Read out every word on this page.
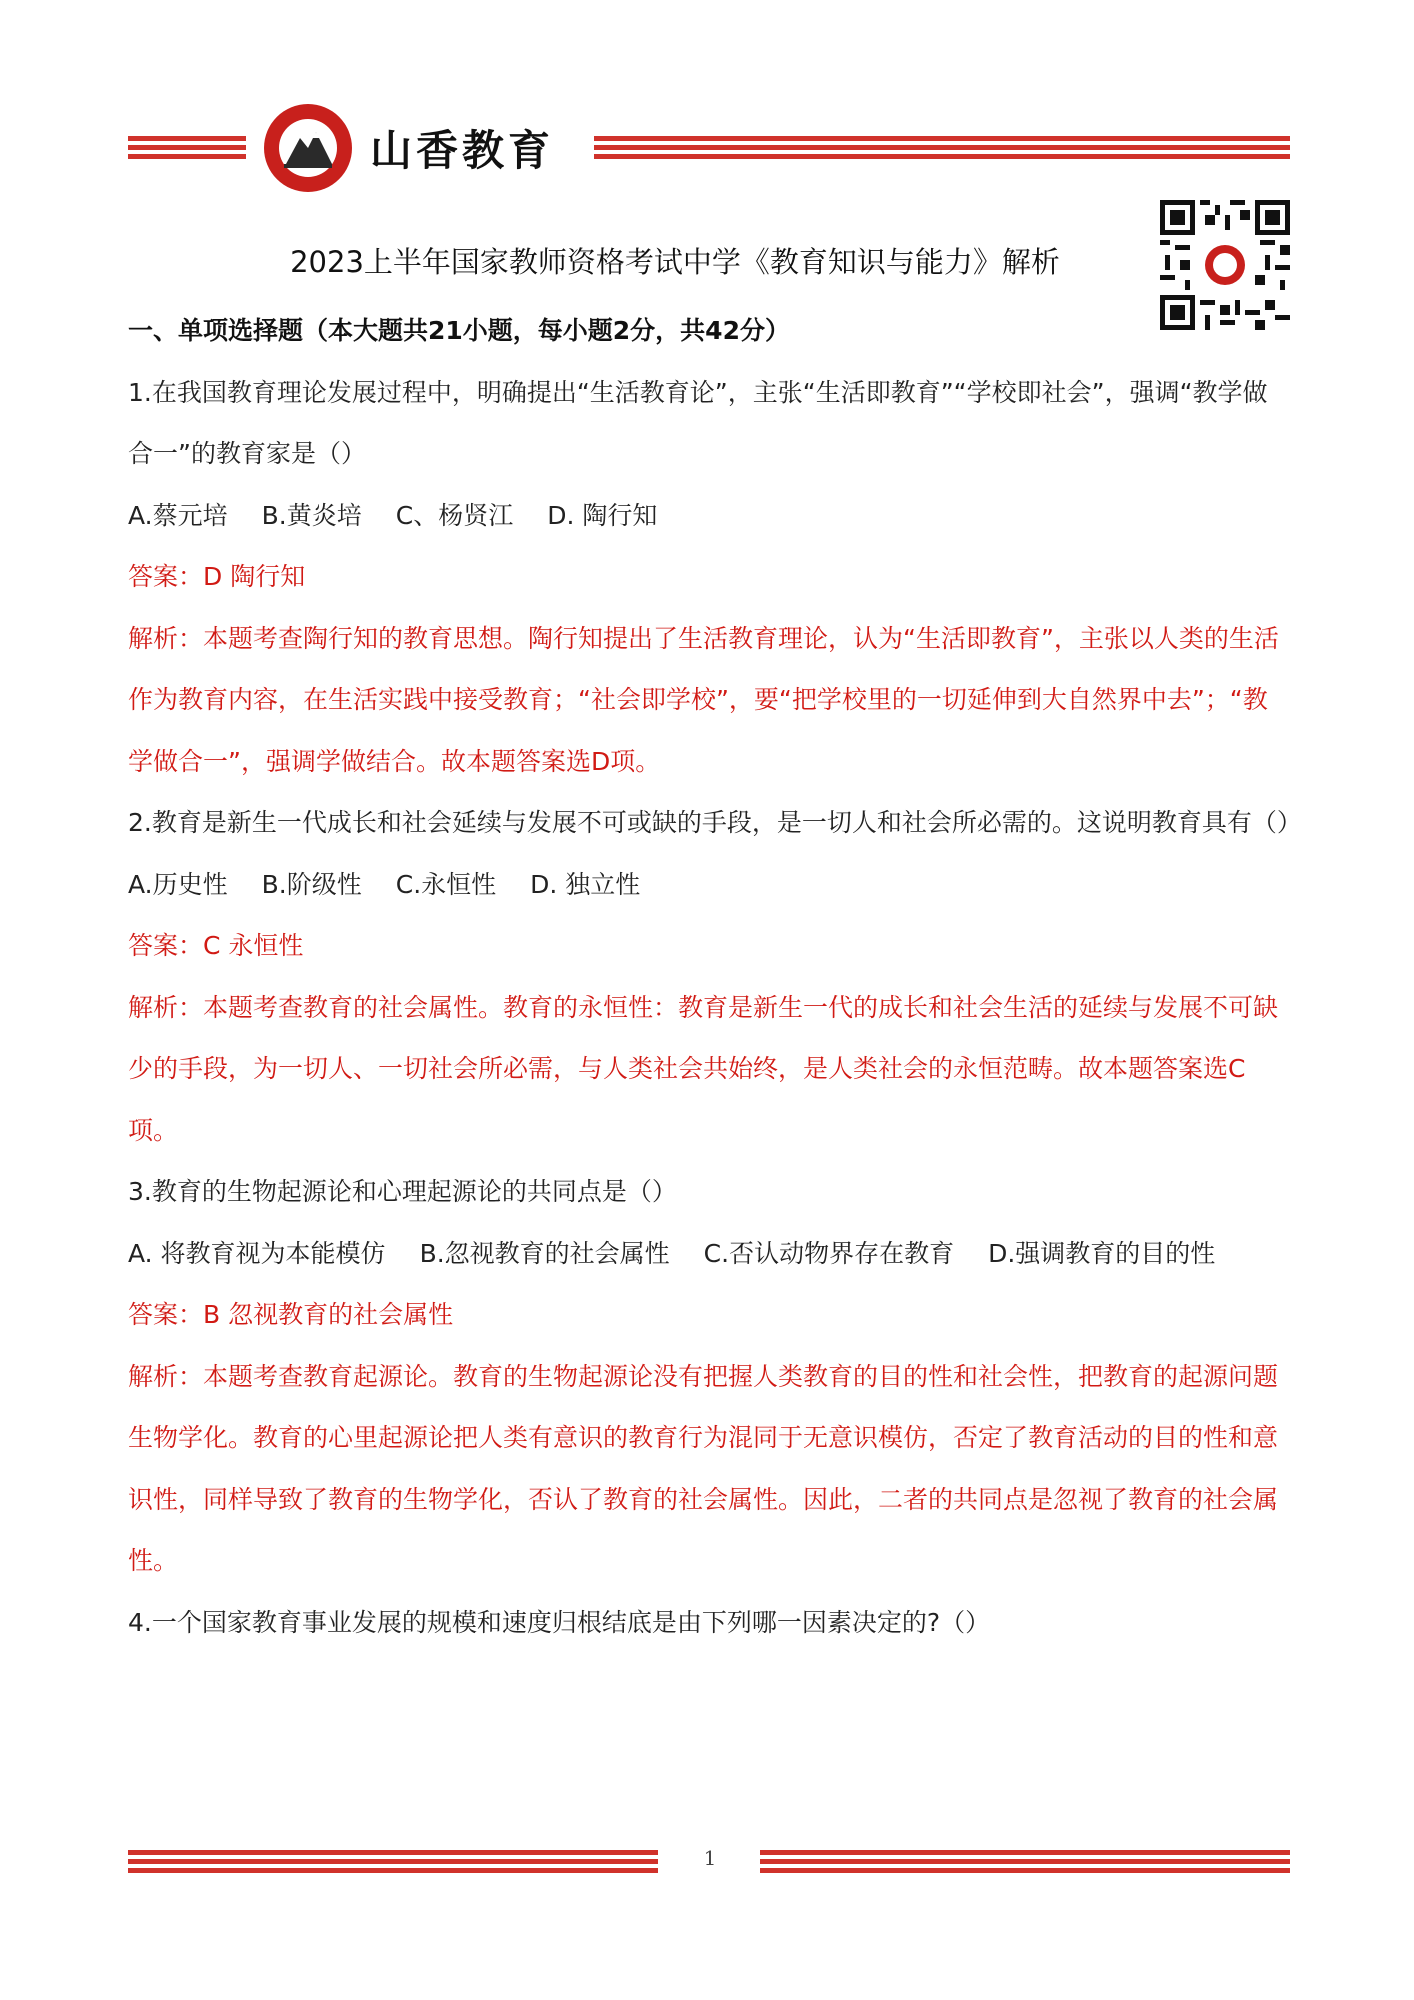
山香教育
2023上半年国家教师资格考试中学《教育知识与能力》解析

一、单项选择题（本大题共21小题，每小题2分，共42分）

1.在我国教育理论发展过程中，明确提出“生活教育论”，主张“生活即教育”“学校即社会”，强调“教学做合一”的教育家是（）

A.蔡元培 B.黄炎培 C、杨贤江 D. 陶行知

答案：D 陶行知

解析：本题考查陶行知的教育思想。陶行知提出了生活教育理论，认为“生活即教育”，主张以人类的生活作为教育内容，在生活实践中接受教育；“社会即学校”，要“把学校里的一切延伸到大自然界中去”；“教学做合一”，强调学做结合。故本题答案选D项。

2.教育是新生一代成长和社会延续与发展不可或缺的手段，是一切人和社会所必需的。这说明教育具有（）

A.历史性 B.阶级性 C.永恒性 D. 独立性

答案：C 永恒性

解析：本题考查教育的社会属性。教育的永恒性：教育是新生一代的成长和社会生活的延续与发展不可缺少的手段，为一切人、一切社会所必需，与人类社会共始终，是人类社会的永恒范畴。故本题答案选C项。

3.教育的生物起源论和心理起源论的共同点是（）

A. 将教育视为本能模仿 B.忽视教育的社会属性 C.否认动物界存在教育 D.强调教育的目的性

答案：B 忽视教育的社会属性

解析：本题考查教育起源论。教育的生物起源论没有把握人类教育的目的性和社会性，把教育的起源问题生物学化。教育的心里起源论把人类有意识的教育行为混同于无意识模仿，否定了教育活动的目的性和意识性，同样导致了教育的生物学化，否认了教育的社会属性。因此，二者的共同点是忽视了教育的社会属性。

4.一个国家教育事业发展的规模和速度归根结底是由下列哪一因素决定的?（）

1
